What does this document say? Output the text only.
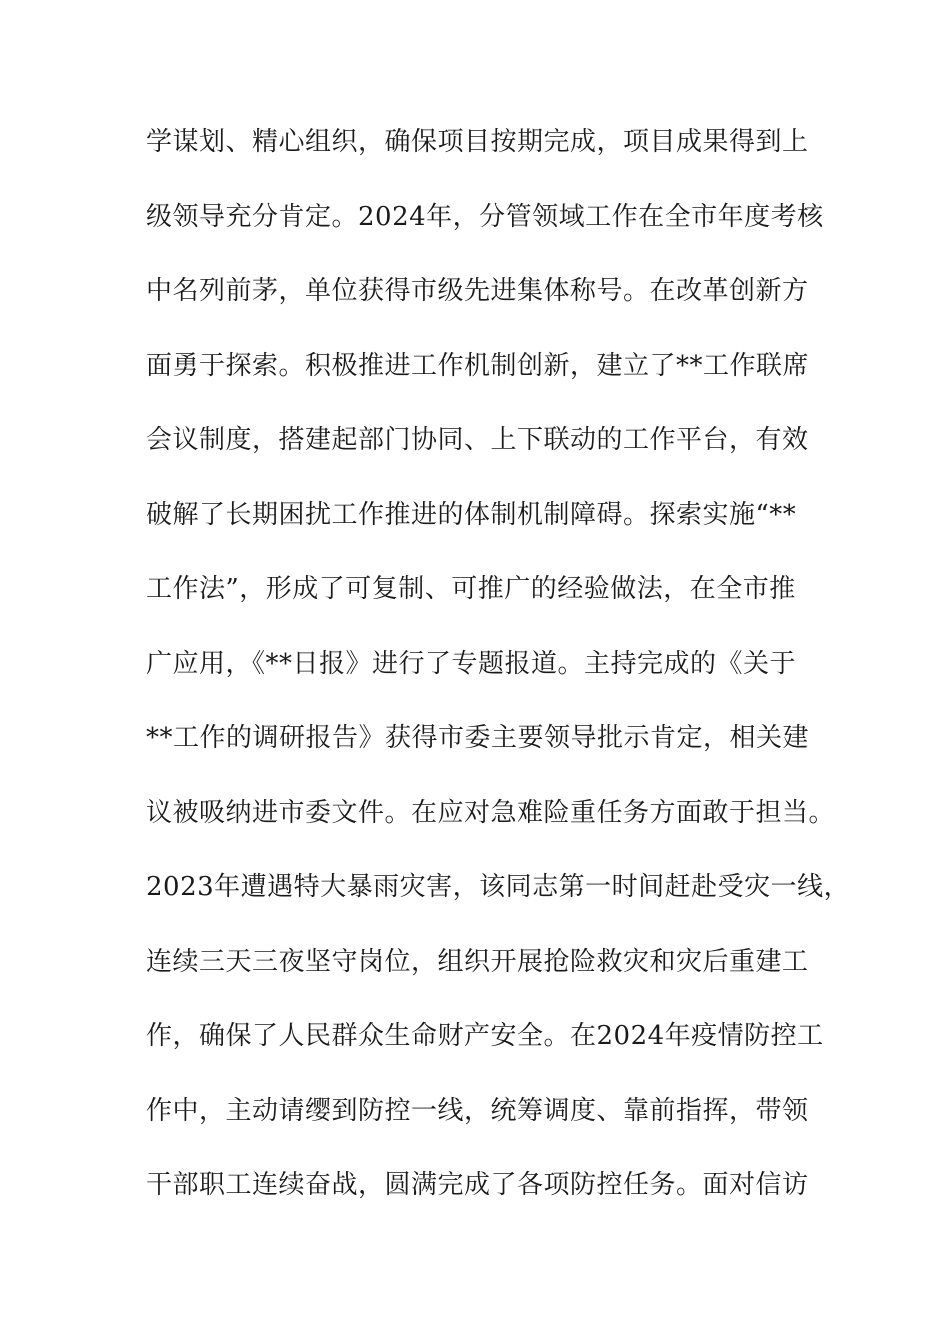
学谋划、精心组织，确保项目按期完成，项目成果得到上
级领导充分肯定。2024年，分管领域工作在全市年度考核
中名列前茅，单位获得市级先进集体称号。在改革创新方
面勇于探索。积极推进工作机制创新，建立了**工作联席
会议制度，搭建起部门协同、上下联动的工作平台，有效
破解了长期困扰工作推进的体制机制障碍。探索实施“**
工作法”，形成了可复制、可推广的经验做法，在全市推
广应用，《**日报》进行了专题报道。主持完成的《关于
**工作的调研报告》获得市委主要领导批示肯定，相关建
议被吸纳进市委文件。在应对急难险重任务方面敢于担当。
2023年遭遇特大暴雨灾害，该同志第一时间赶赴受灾一线，
连续三天三夜坚守岗位，组织开展抢险救灾和灾后重建工
作，确保了人民群众生命财产安全。在2024年疫情防控工
作中，主动请缨到防控一线，统筹调度、靠前指挥，带领
干部职工连续奋战，圆满完成了各项防控任务。面对信访
